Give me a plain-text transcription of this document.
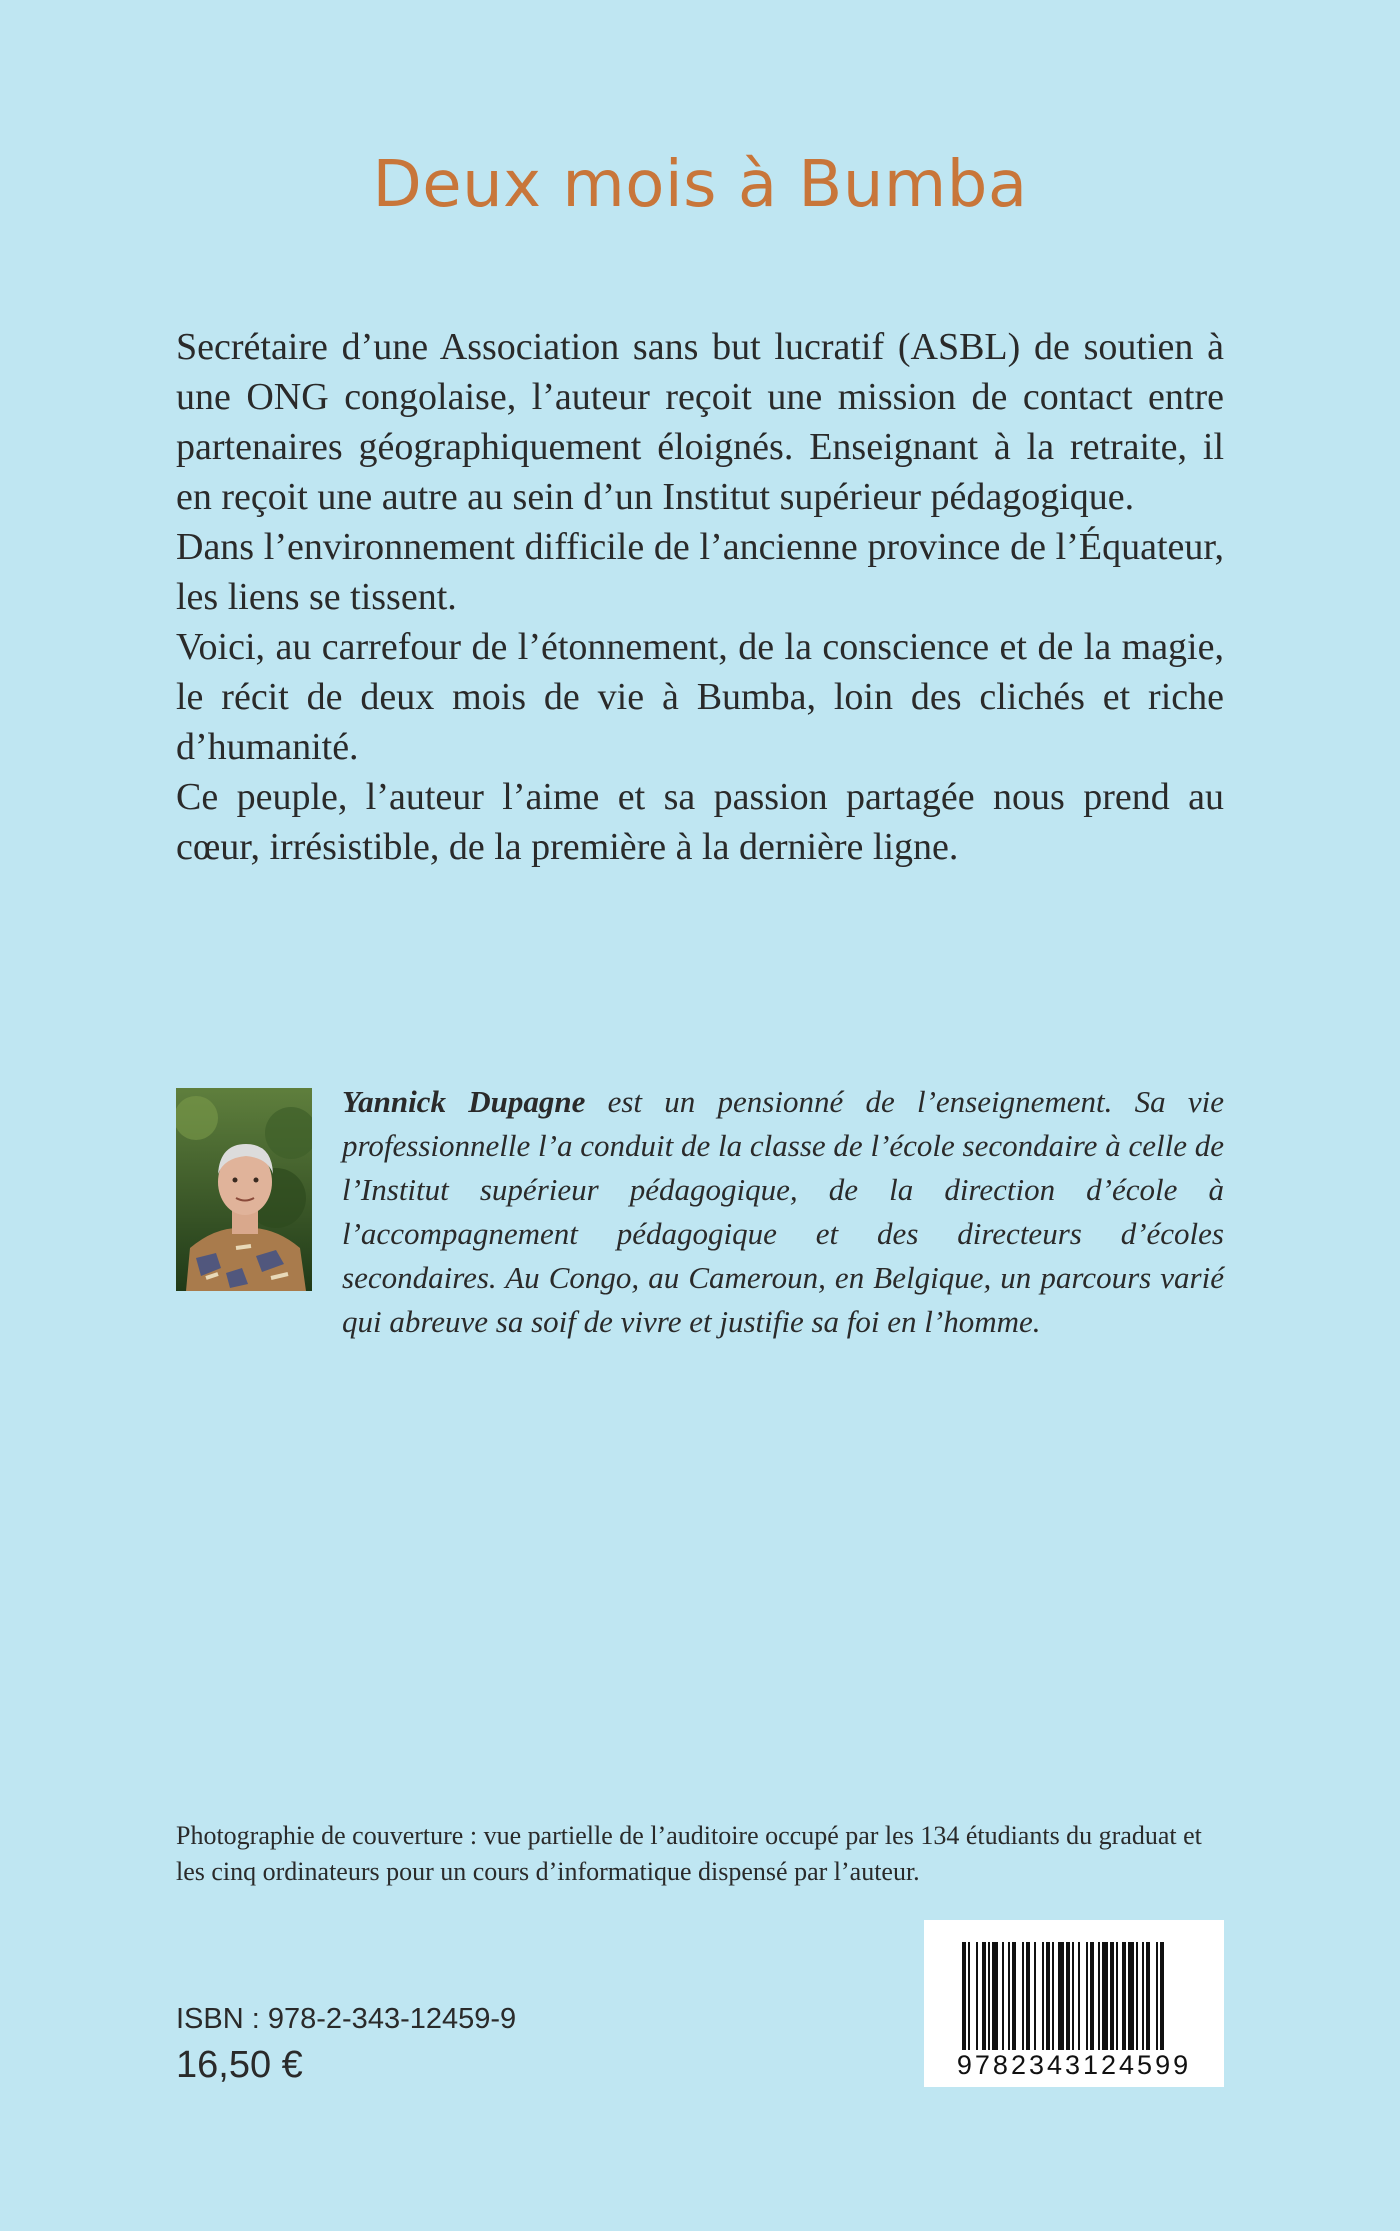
Deux mois à Bumba

Secrétaire d’une Association sans but lucratif (ASBL) de soutien à une ONG congolaise, l’auteur reçoit une mission de contact entre partenaires géographiquement éloignés. Enseignant à la retraite, il en reçoit une autre au sein d’un Institut supérieur pédagogique.

Dans l’environnement difficile de l’ancienne province de l’Équateur, les liens se tissent.

Voici, au carrefour de l’étonnement, de la conscience et de la magie, le récit de deux mois de vie à Bumba, loin des clichés et riche d’humanité.

Ce peuple, l’auteur l’aime et sa passion partagée nous prend au cœur, irrésistible, de la première à la dernière ligne.

Yannick Dupagne est un pensionné de l’enseignement. Sa vie professionnelle l’a conduit de la classe de l’école secondaire à celle de l’Institut supérieur pédagogique, de la direction d’école à l’accompagnement pédagogique et des directeurs d’écoles secondaires. Au Congo, au Cameroun, en Belgique, un parcours varié qui abreuve sa soif de vivre et justifie sa foi en l’homme.
Photographie de couverture : vue partielle de l’auditoire occupé par les 134 étudiants du graduat et les cinq ordinateurs pour un cours d’informatique dispensé par l’auteur.
ISBN : 978-2-343-12459-9
16,50 €	9782343124599
